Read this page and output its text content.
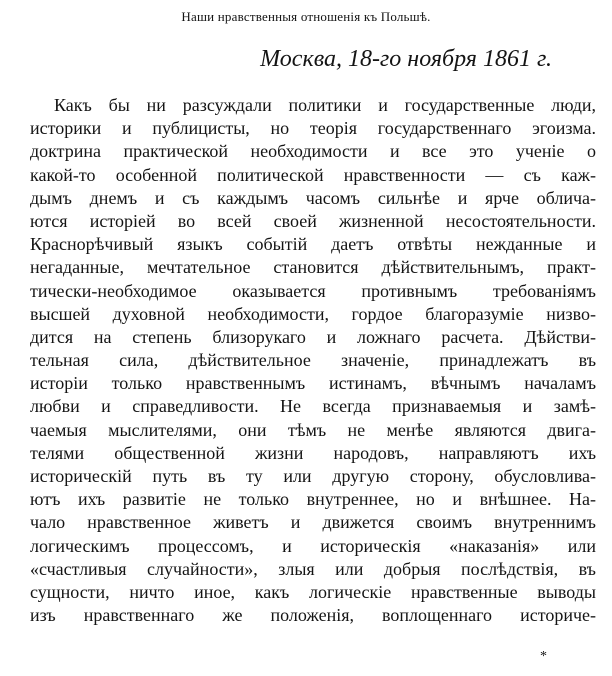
Наши нравственныя отношенія къ Польшѣ.
Москва, 18-го ноября 1861 г.
Какъ бы ни разсуждали политики и государственные люди,
историки и публицисты, но теорія государственнаго эгоизма.
доктрина практической необходимости и все это ученіе о
какой-то особенной политической нравственности — съ каж-
дымъ днемъ и съ каждымъ часомъ сильнѣе и ярче облича-
ются исторіей во всей своей жизненной несостоятельности.
Краснорѣчивый языкъ событій даетъ отвѣты нежданные и
негаданные, мечтательное становится дѣйствительнымъ, практ-
тически-необходимое оказывается противнымъ требованіямъ
высшей духовной необходимости, гордое благоразуміе низво-
дится на степень близорукаго и ложнаго расчета. Дѣйстви-
тельная сила, дѣйствительное значеніе, принадлежатъ въ
исторіи только нравственнымъ истинамъ, вѣчнымъ началамъ
любви и справедливости. Не всегда признаваемыя и замѣ-
чаемыя мыслителями, они тѣмъ не менѣе являются двига-
телями общественной жизни народовъ, направляютъ ихъ
историческій путь въ ту или другую сторону, обусловлива-
ютъ ихъ развитіе не только внутреннее, но и внѣшнее. На-
чало нравственное живетъ и движется своимъ внутреннимъ
логическимъ процессомъ, и историческія «наказанія» или
«счастливыя случайности», злыя или добрыя послѣдствія, въ
сущности, ничто иное, какъ логическіе нравственные выводы
изъ нравственнаго же положенія, воплощеннаго историче-
*
